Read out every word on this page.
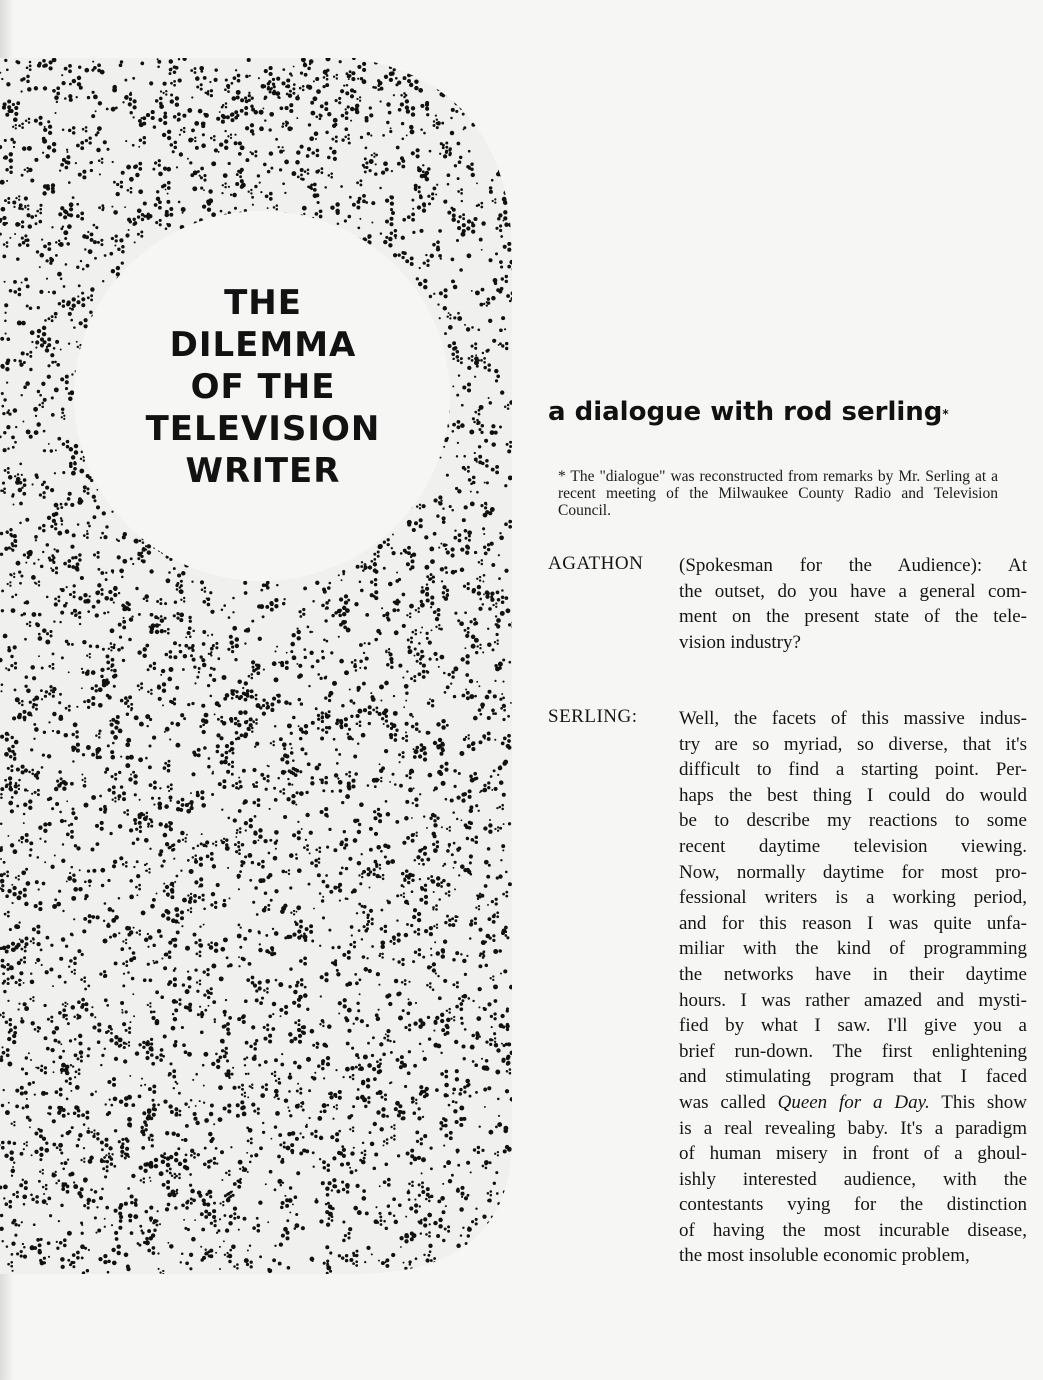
THE
DILEMMA
OF THE
TELEVISION
WRITER
a dialogue with rod serling*
* The "dialogue" was reconstructed from remarks by Mr. Serling at a recent meeting of the Milwaukee County Radio and Television Council.
AGATHON (Spokesman for the Audience): At
the outset, do you have a general com-
ment on the present state of the tele-
vision industry?
SERLING: Well, the facets of this massive indus-
try are so myriad, so diverse, that it's
difficult to find a starting point. Per-
haps the best thing I could do would
be to describe my reactions to some
recent daytime television viewing.
Now, normally daytime for most pro-
fessional writers is a working period,
and for this reason I was quite unfa-
miliar with the kind of programming
the networks have in their daytime
hours. I was rather amazed and mysti-
fied by what I saw. I'll give you a
brief run-down. The first enlightening
and stimulating program that I faced
was called Queen for a Day. This show
is a real revealing baby. It's a paradigm
of human misery in front of a ghoul-
ishly interested audience, with the
contestants vying for the distinction
of having the most incurable disease,
the most insoluble economic problem,
